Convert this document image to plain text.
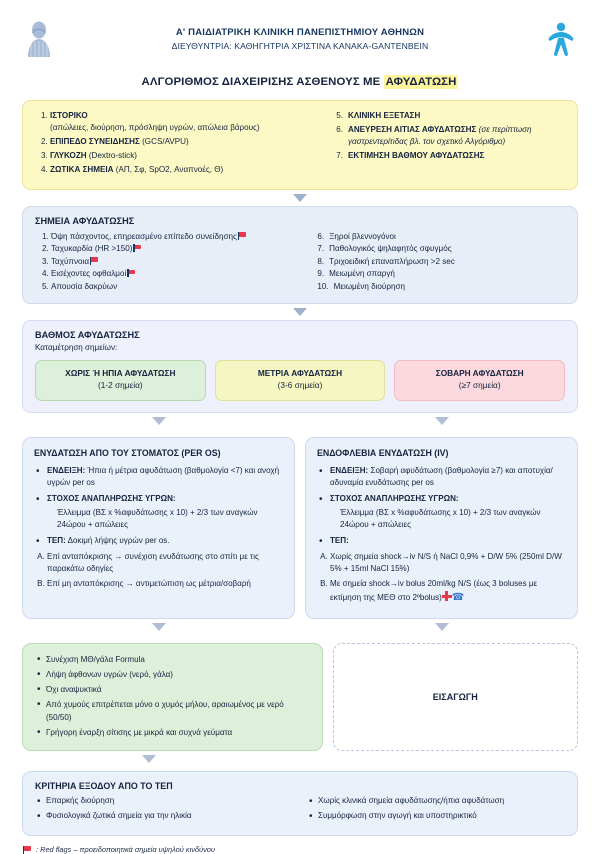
Α' ΠΑΙΔΙΑΤΡΙΚΗ ΚΛΙΝΙΚΗ ΠΑΝΕΠΙΣΤΗΜΙΟΥ ΑΘΗΝΩΝ
ΔΙΕΥΘΥΝΤΡΙΑ: ΚΑΘΗΓΗΤΡΙΑ ΧΡΙΣΤΙΝΑ ΚΑΝΑΚΑ-GANTENBEIN
ΑΛΓΟΡΙΘΜΟΣ ΔΙΑΧΕΙΡΙΣΗΣ ΑΣΘΕΝΟΥΣ ΜΕ ΑΦΥΔΑΤΩΣΗ
1. ΙΣΤΟΡΙΚΟ
(απώλειες, διούρηση, πρόσληψη υγρών, απώλεια βάρους)
2. ΕΠΙΠΕΔΟ ΣΥΝΕΙΔΗΣΗΣ (GCS/AVPU)
3. ΓΛΥΚΟΖΗ (Dextro-stick)
4. ΖΩΤΙΚΑ ΣΗΜΕΙΑ (ΑΠ, Σφ, SpO2, Αναπνοές, Θ)
5. ΚΛΙΝΙΚΗ ΕΞΕΤΑΣΗ
6. ΑΝΕΥΡΕΣΗ ΑΙΤΙΑΣ ΑΦΥΔΑΤΩΣΗΣ (σε περίπτωση γαστρεντερίτιδας βλ. τον σχετικό Αλγόριθμο)
7. ΕΚΤΙΜΗΣΗ ΒΑΘΜΟΥ ΑΦΥΔΑΤΩΣΗΣ
ΣΗΜΕΙΑ ΑΦΥΔΑΤΩΣΗΣ
1. Όψη πάσχοντος, επηρεασμένο επίπεδο συνείδησης
2. Ταχυκαρδία (HR >150)
3. Ταχύπνοια
4. Εισέχοντες οφθαλμοί
5. Απουσία δακρύων
6. Ξηροί βλεννογόνοι
7. Παθολογικός ψηλαφητός σφυγμός
8. Τριχοειδική επαναπλήρωση >2 sec
9. Μειωμένη σπαργή
10. Μειωμένη διούρηση
ΒΑΘΜΟΣ ΑΦΥΔΑΤΩΣΗΣ
Καταμέτρηση σημείων:
ΧΩΡΙΣ Ή ΗΠΙΑ ΑΦΥΔΑΤΩΣΗ
(1-2 σημεία)
ΜΕΤΡΙΑ ΑΦΥΔΑΤΩΣΗ
(3-6 σημεία)
ΣΟΒΑΡΗ ΑΦΥΔΑΤΩΣΗ
(≥7 σημεία)
ΕΝΥΔΑΤΩΣΗ ΑΠΟ ΤΟΥ ΣΤΟΜΑΤΟΣ (PER OS)
• ΕΝΔΕΙΞΗ: Ήπια ή μέτρια αφυδάτωση (βαθμολογία <7) και ανοχή υγρών per os
• ΣΤΟΧΟΣ ΑΝΑΠΛΗΡΩΣΗΣ ΥΓΡΩΝ:
Έλλειμμα (ΒΣ x %αφυδάτωσης x 10) + 2/3 των αναγκών 24ώρου + απώλειες
• ΤΕΠ: Δοκιμή λήψης υγρών per os.
A. Επί ανταπόκρισης → συνέχιση ενυδάτωσης στο σπίτι με τις παρακάτω οδηγίες
B. Επί μη ανταπόκρισης → αντιμετώπιση ως μέτρια/σοβαρή
ΕΝΔΟΦΛΕΒΙΑ ΕΝΥΔΑΤΩΣΗ (IV)
• ΕΝΔΕΙΞΗ: Σοβαρή αφυδάτωση (βαθμολογία ≥7) και αποτυχία/αδυναμία ενυδάτωσης per os
• ΣΤΟΧΟΣ ΑΝΑΠΛΗΡΩΣΗΣ ΥΓΡΩΝ:
Έλλειμμα (ΒΣ x %αφυδάτωσης x 10) + 2/3 των αναγκών 24ώρου + απώλειες
• ΤΕΠ:
A. Χωρίς σημεία shock→iv N/S ή NaCl 0,9% + D/W 5% (250ml D/W 5% + 15ml NaCl 15%)
B. Με σημεία shock→iv bolus 20ml/kg N/S (έως 3 boluses με εκτίμηση της ΜΕΘ στο 2ºbolus) ☎
• Συνέχιση ΜΘ/γάλα Formula
• Λήψη άφθονων υγρών (νερό, γάλα)
• Όχι αναψυκτικά
• Από χυμούς επιτρέπεται μόνο ο χυμός μήλου, αραιωμένος με νερό (50/50)
• Γρήγορη έναρξη σίτισης με μικρά και συχνά γεύματα
ΕΙΣΑΓΩΓΗ
ΚΡΙΤΗΡΙΑ ΕΞΟΔΟΥ ΑΠΟ ΤΟ ΤΕΠ
• Επαρκής διούρηση
• Φυσιολογικά ζωτικά σημεία για την ηλικία
• Χωρίς κλινικά σημεία αφυδάτωσης/ήπια αφυδάτωση
• Συμμόρφωση στην αγωγή και υποστηρικτικό
: Red flags – προειδοποιητικά σημεία υψηλού κινδύνου
